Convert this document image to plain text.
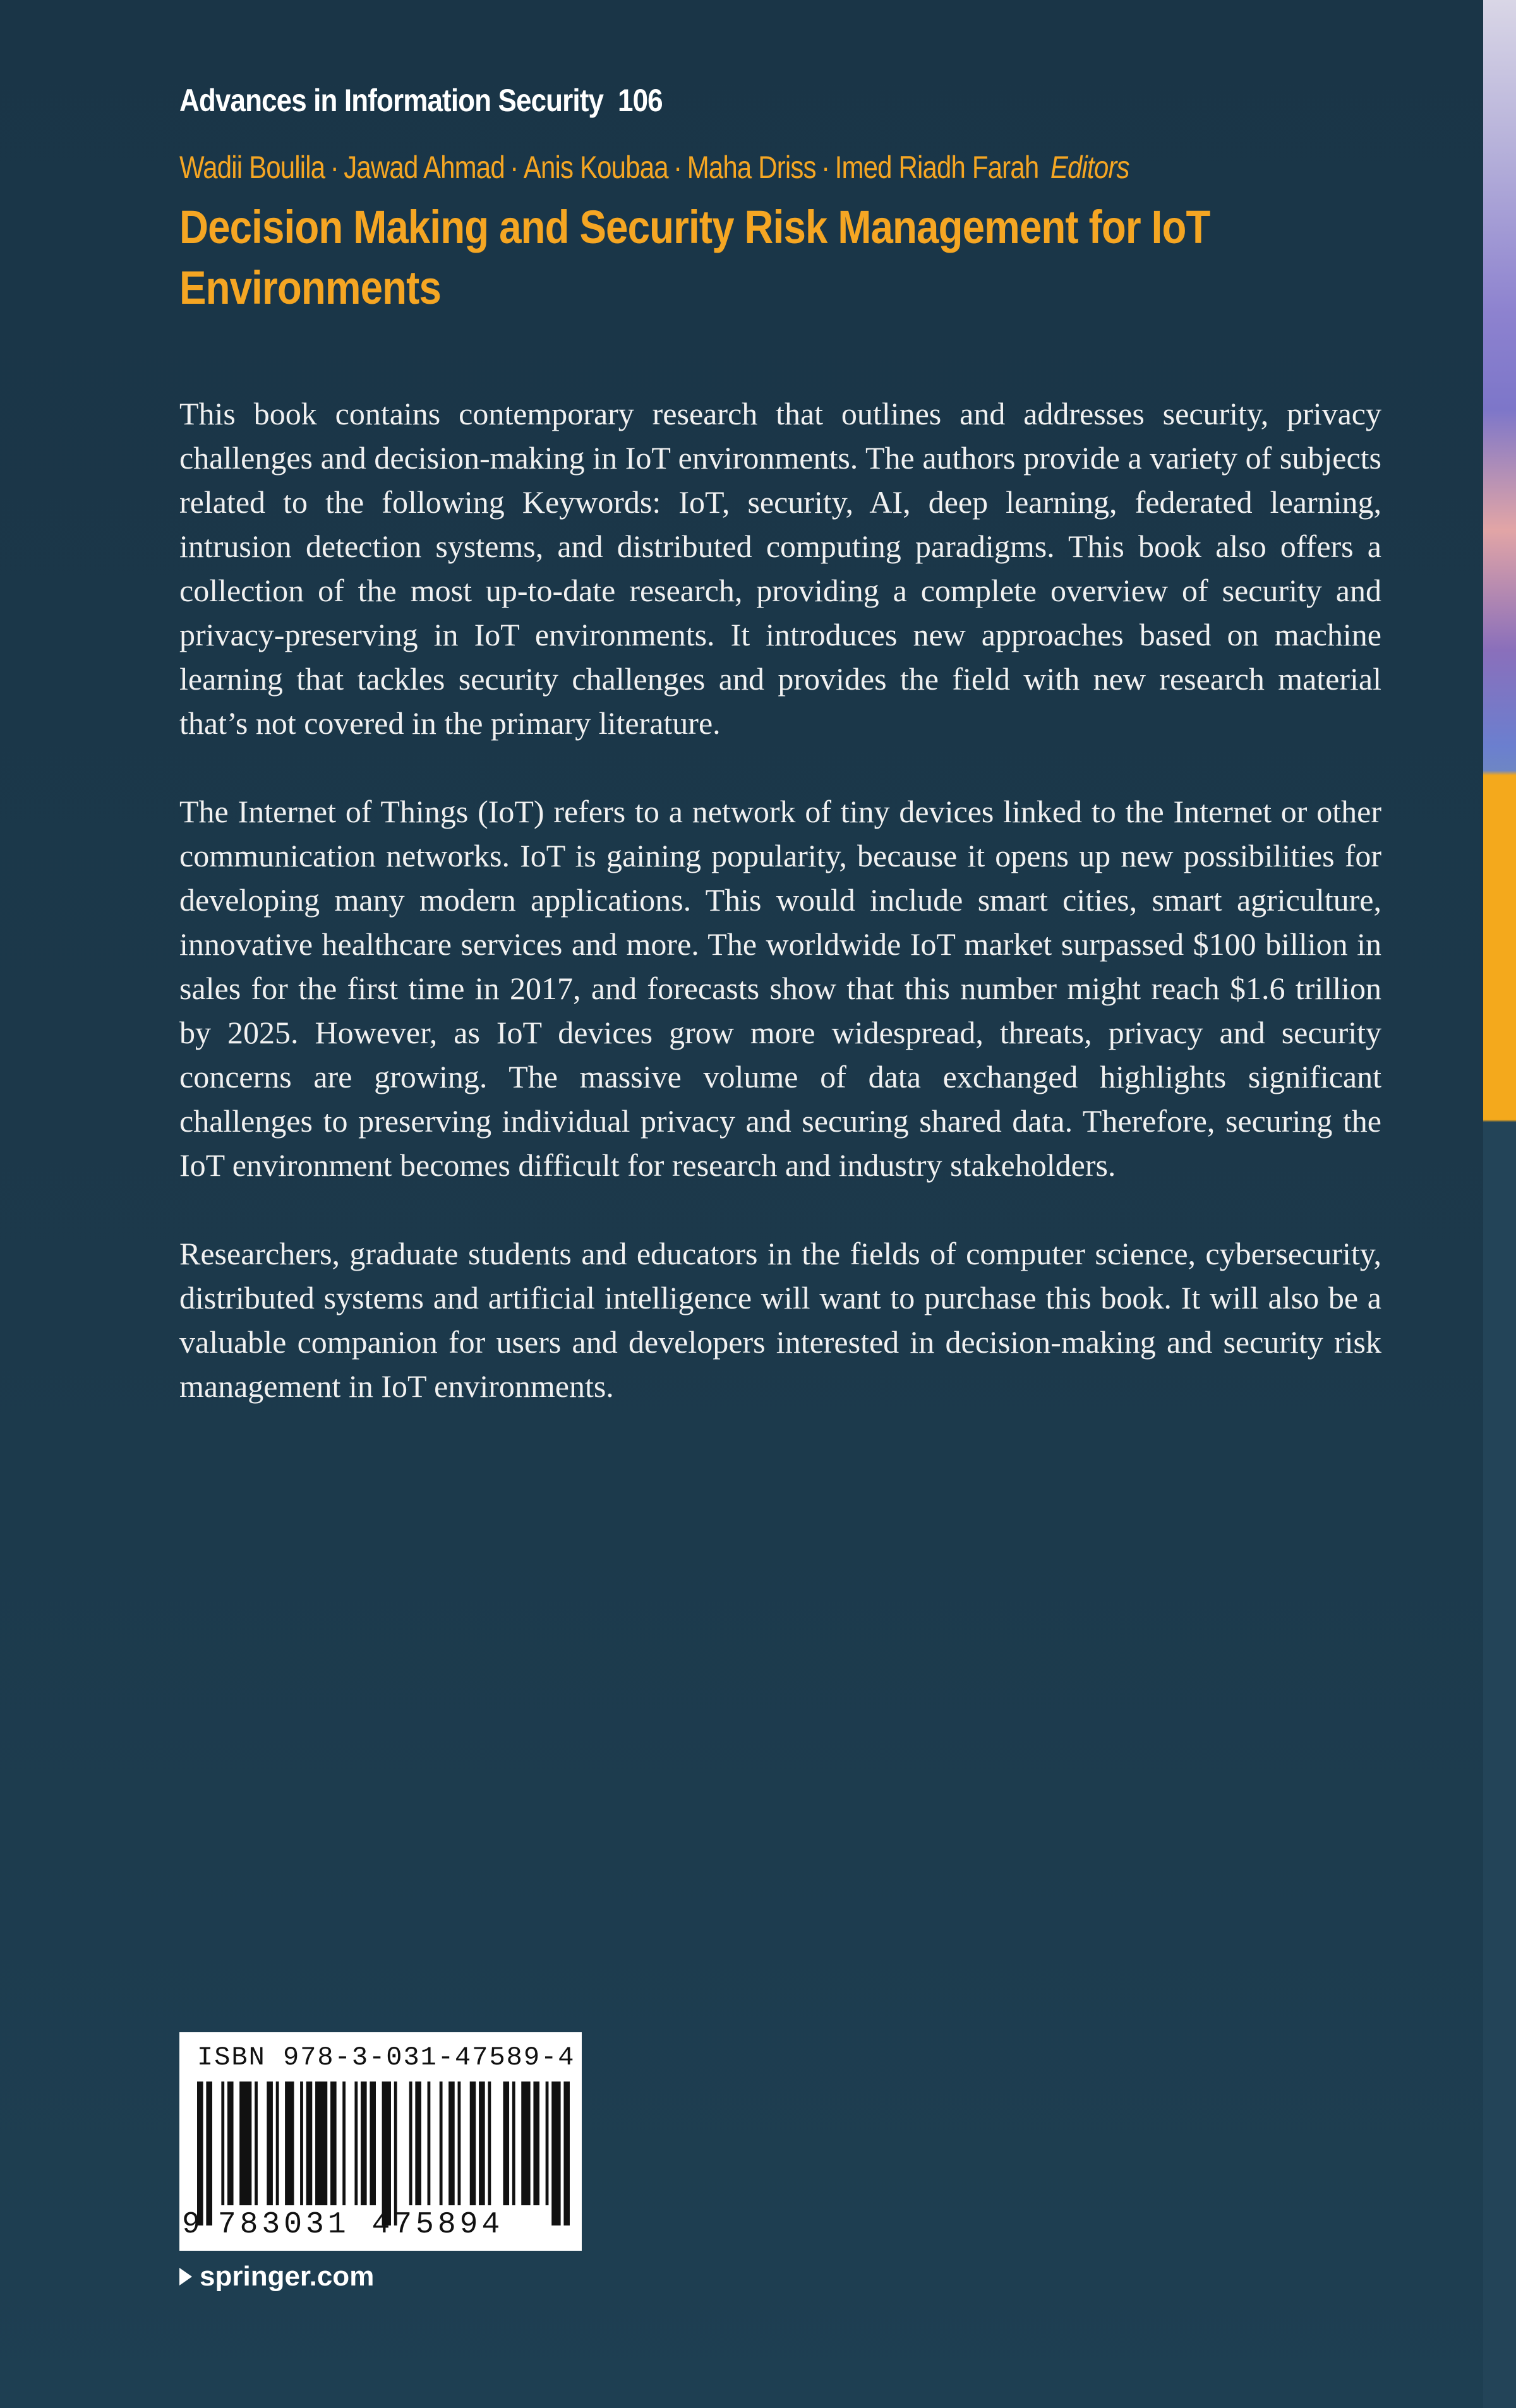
Advances in Information Security 106
Wadii Boulila · Jawad Ahmad · Anis Koubaa · Maha Driss · Imed Riadh Farah Editors
Decision Making and Security Risk Management for IoT
Environments

This book contains contemporary research that outlines and addresses security, privacy challenges and decision-making in IoT environments. The authors provide a variety of subjects related to the following Keywords: IoT, security, AI, deep learning, federated learning, intrusion detection systems, and distributed computing paradigms. This book also offers a collection of the most up-to-date research, providing a complete overview of security and privacy-preserving in IoT environments. It introduces new approaches based on machine learning that tackles security challenges and provides the field with new research material that’s not covered in the primary literature.

The Internet of Things (IoT) refers to a network of tiny devices linked to the Internet or other communication networks. IoT is gaining popularity, because it opens up new possibilities for developing many modern applications. This would include smart cities, smart agriculture, innovative healthcare services and more. The worldwide IoT market surpassed $100 billion in sales for the first time in 2017, and forecasts show that this number might reach $1.6 trillion by 2025. However, as IoT devices grow more widespread, threats, privacy and security concerns are growing. The massive volume of data exchanged highlights significant challenges to preserving individual privacy and securing shared data. Therefore, securing the IoT environment becomes difficult for research and industry stakeholders.

Researchers, graduate students and educators in the fields of computer science, cybersecurity, distributed systems and artificial intelligence will want to purchase this book. It will also be a valuable companion for users and developers interested in decision-making and security risk management in IoT environments.

ISBN 978-3-031-47589-4
9 783031 475894
springer.com
